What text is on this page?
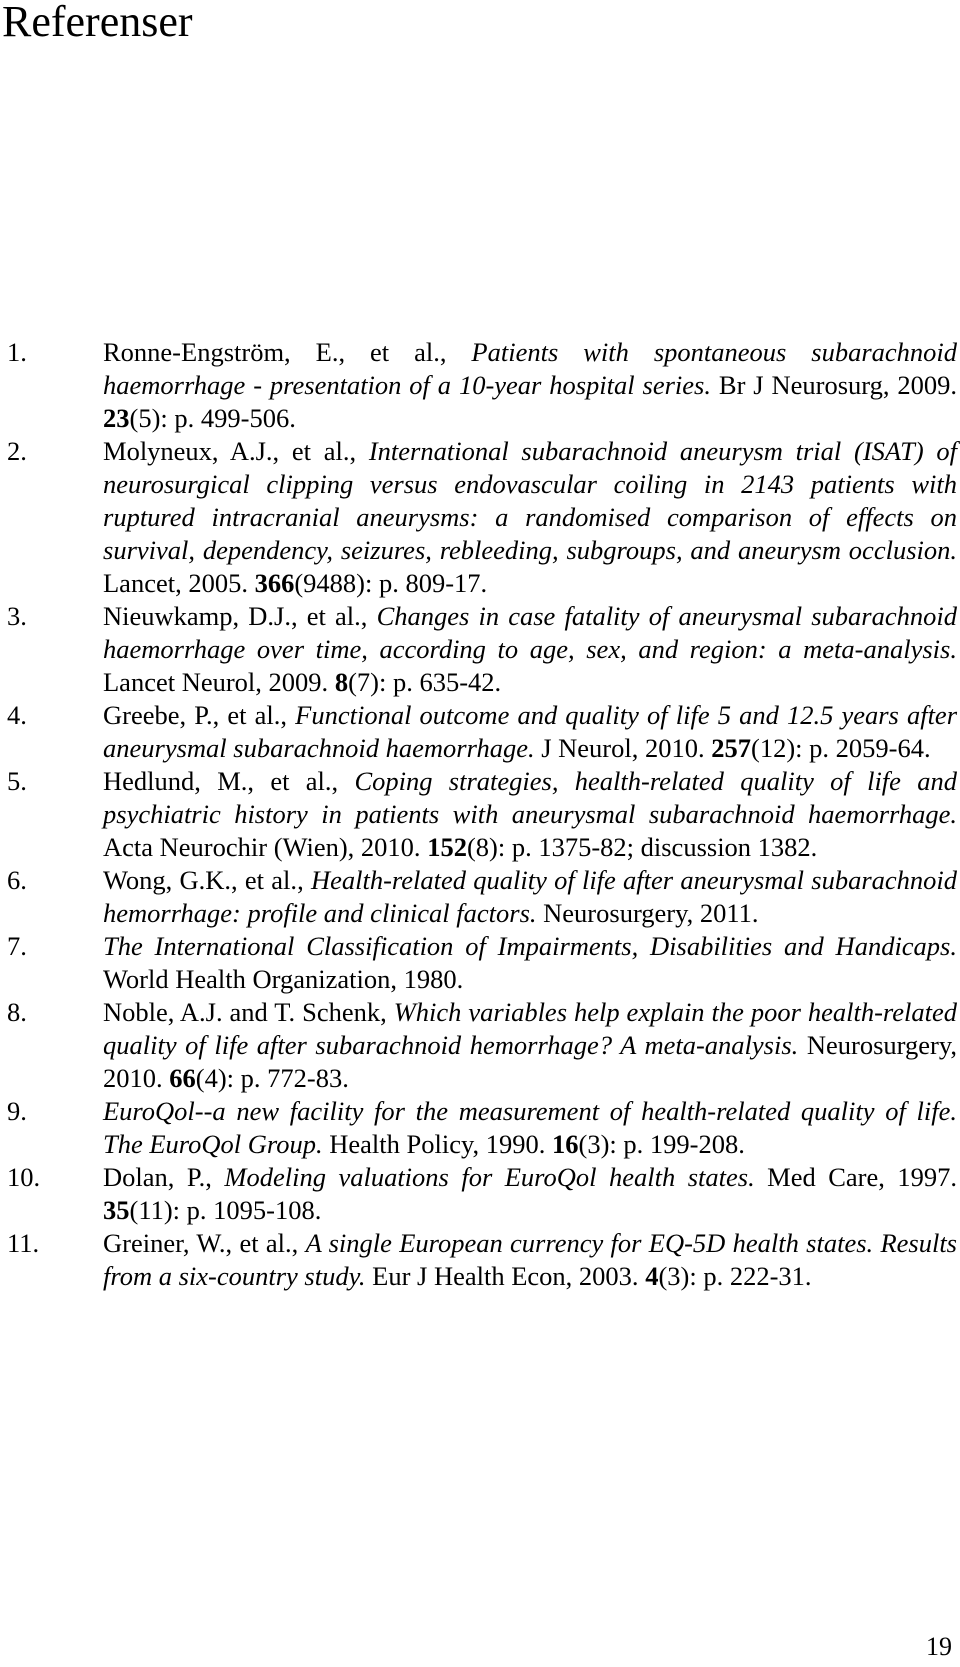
Referenser
1.	Ronne-Engström, E., et al., Patients with spontaneous subarachnoid haemorrhage - presentation of a 10-year hospital series. Br J Neurosurg, 2009. 23(5): p. 499-506.
2.	Molyneux, A.J., et al., International subarachnoid aneurysm trial (ISAT) of neurosurgical clipping versus endovascular coiling in 2143 patients with ruptured intracranial aneurysms: a randomised comparison of effects on survival, dependency, seizures, rebleeding, subgroups, and aneurysm occlusion. Lancet, 2005. 366(9488): p. 809-17.
3.	Nieuwkamp, D.J., et al., Changes in case fatality of aneurysmal subarachnoid haemorrhage over time, according to age, sex, and region: a meta-analysis. Lancet Neurol, 2009. 8(7): p. 635-42.
4.	Greebe, P., et al., Functional outcome and quality of life 5 and 12.5 years after aneurysmal subarachnoid haemorrhage. J Neurol, 2010. 257(12): p. 2059-64.
5.	Hedlund, M., et al., Coping strategies, health-related quality of life and psychiatric history in patients with aneurysmal subarachnoid haemorrhage. Acta Neurochir (Wien), 2010. 152(8): p. 1375-82; discussion 1382.
6.	Wong, G.K., et al., Health-related quality of life after aneurysmal subarachnoid hemorrhage: profile and clinical factors. Neurosurgery, 2011.
7.	The International Classification of Impairments, Disabilities and Handicaps. World Health Organization, 1980.
8.	Noble, A.J. and T. Schenk, Which variables help explain the poor health-related quality of life after subarachnoid hemorrhage? A meta-analysis. Neurosurgery, 2010. 66(4): p. 772-83.
9.	EuroQol--a new facility for the measurement of health-related quality of life. The EuroQol Group. Health Policy, 1990. 16(3): p. 199-208.
10. Dolan, P., Modeling valuations for EuroQol health states. Med Care, 1997. 35(11): p. 1095-108.
11. Greiner, W., et al., A single European currency for EQ-5D health states. Results from a six-country study. Eur J Health Econ, 2003. 4(3): p. 222-31.
19
